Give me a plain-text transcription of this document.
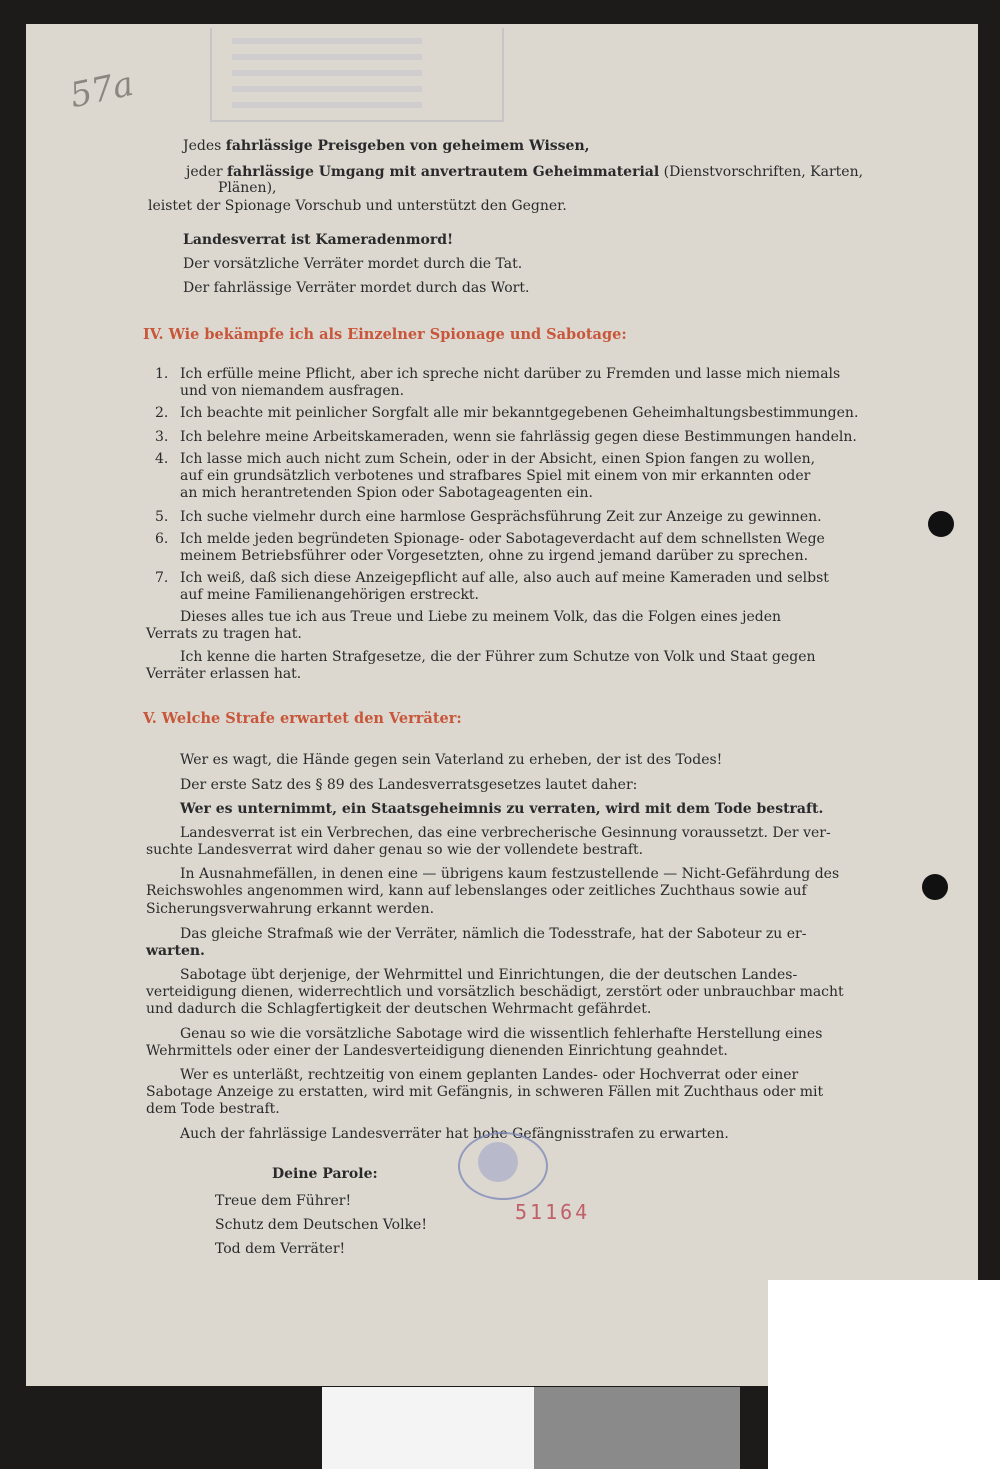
57a
Jedes fahrlässige Preisgeben von geheimem Wissen,
jeder fahrlässige Umgang mit anvertrautem Geheimmaterial (Dienstvorschriften, Karten,
Plänen),
leistet der Spionage Vorschub und unterstützt den Gegner.
Landesverrat ist Kameradenmord!
Der vorsätzliche Verräter mordet durch die Tat.
Der fahrlässige Verräter mordet durch das Wort.
IV. Wie bekämpfe ich als Einzelner Spionage und Sabotage:
1. Ich erfülle meine Pflicht, aber ich spreche nicht darüber zu Fremden und lasse mich niemals
und von niemandem ausfragen.
2. Ich beachte mit peinlicher Sorgfalt alle mir bekanntgegebenen Geheimhaltungsbestimmungen.
3. Ich belehre meine Arbeitskameraden, wenn sie fahrlässig gegen diese Bestimmungen handeln.
4. Ich lasse mich auch nicht zum Schein, oder in der Absicht, einen Spion fangen zu wollen,
auf ein grundsätzlich verbotenes und strafbares Spiel mit einem von mir erkannten oder
an mich herantretenden Spion oder Sabotageagenten ein.
5. Ich suche vielmehr durch eine harmlose Gesprächsführung Zeit zur Anzeige zu gewinnen.
6. Ich melde jeden begründeten Spionage- oder Sabotageverdacht auf dem schnellsten Wege
meinem Betriebsführer oder Vorgesetzten, ohne zu irgend jemand darüber zu sprechen.
7. Ich weiß, daß sich diese Anzeigepflicht auf alle, also auch auf meine Kameraden und selbst
auf meine Familienangehörigen erstreckt.
Dieses alles tue ich aus Treue und Liebe zu meinem Volk, das die Folgen eines jeden
Verrats zu tragen hat.
Ich kenne die harten Strafgesetze, die der Führer zum Schutze von Volk und Staat gegen
Verräter erlassen hat.
V. Welche Strafe erwartet den Verräter:
Wer es wagt, die Hände gegen sein Vaterland zu erheben, der ist des Todes!
Der erste Satz des § 89 des Landesverratsgesetzes lautet daher:
Wer es unternimmt, ein Staatsgeheimnis zu verraten, wird mit dem Tode bestraft.
Landesverrat ist ein Verbrechen, das eine verbrecherische Gesinnung voraussetzt. Der ver-
suchte Landesverrat wird daher genau so wie der vollendete bestraft.
In Ausnahmefällen, in denen eine — übrigens kaum festzustellende — Nicht-Gefährdung des
Reichswohles angenommen wird, kann auf lebenslanges oder zeitliches Zuchthaus sowie auf
Sicherungsverwahrung erkannt werden.
Das gleiche Strafmaß wie der Verräter, nämlich die Todesstrafe, hat der Saboteur zu er-
warten.
Sabotage übt derjenige, der Wehrmittel und Einrichtungen, die der deutschen Landes-
verteidigung dienen, widerrechtlich und vorsätzlich beschädigt, zerstört oder unbrauchbar macht
und dadurch die Schlagfertigkeit der deutschen Wehrmacht gefährdet.
Genau so wie die vorsätzliche Sabotage wird die wissentlich fehlerhafte Herstellung eines
Wehrmittels oder einer der Landesverteidigung dienenden Einrichtung geahndet.
Wer es unterläßt, rechtzeitig von einem geplanten Landes- oder Hochverrat oder einer
Sabotage Anzeige zu erstatten, wird mit Gefängnis, in schweren Fällen mit Zuchthaus oder mit
dem Tode bestraft.
Auch der fahrlässige Landesverräter hat hohe Gefängnisstrafen zu erwarten.
Deine Parole:
Treue dem Führer!
Schutz dem Deutschen Volke!
Tod dem Verräter!
51164
